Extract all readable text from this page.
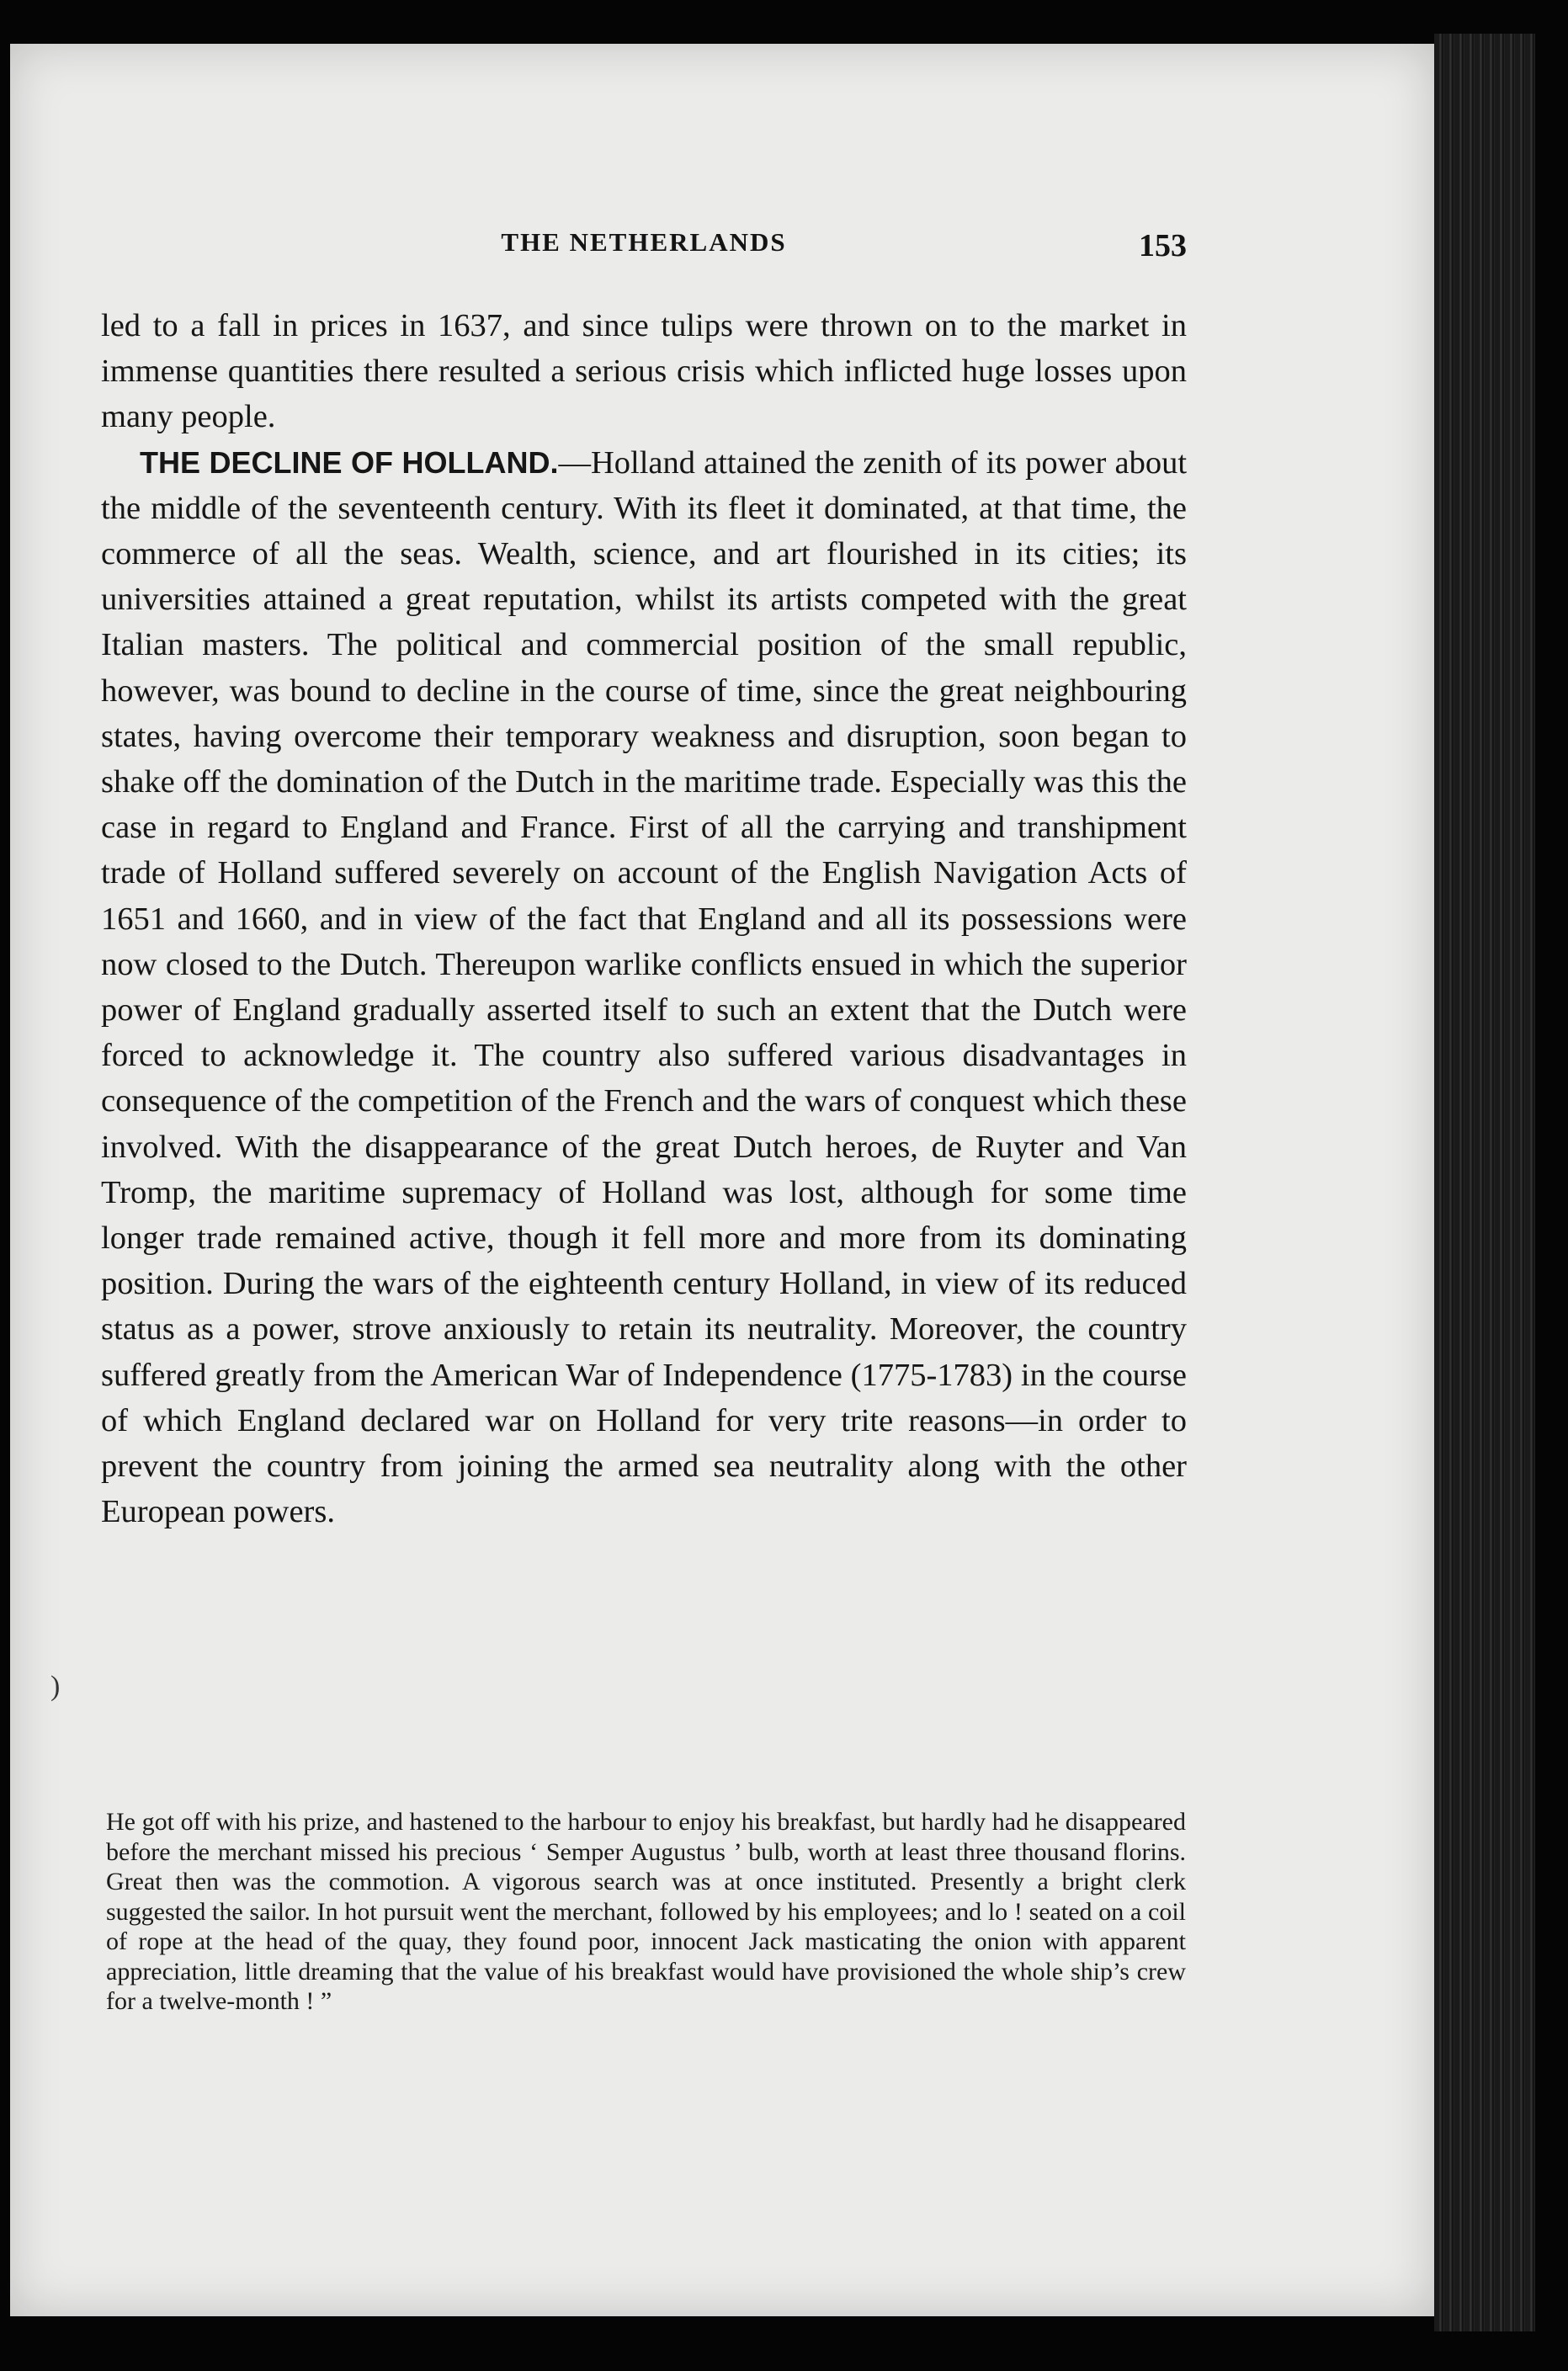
THE NETHERLANDS	153

led to a fall in prices in 1637, and since tulips were thrown on to the market in immense quantities there resulted a serious crisis which inflicted huge losses upon many people.

THE DECLINE OF HOLLAND.—Holland attained the zenith of its power about the middle of the seventeenth century. With its fleet it dominated, at that time, the commerce of all the seas. Wealth, science, and art flourished in its cities; its universities attained a great reputation, whilst its artists competed with the great Italian masters. The political and commercial position of the small republic, however, was bound to decline in the course of time, since the great neighbouring states, having overcome their temporary weakness and disruption, soon began to shake off the domination of the Dutch in the maritime trade. Especially was this the case in regard to England and France. First of all the carrying and transhipment trade of Holland suffered severely on account of the English Navigation Acts of 1651 and 1660, and in view of the fact that England and all its possessions were now closed to the Dutch. Thereupon warlike conflicts ensued in which the superior power of England gradually asserted itself to such an extent that the Dutch were forced to acknowledge it. The country also suffered various disadvantages in consequence of the competition of the French and the wars of conquest which these involved. With the disappearance of the great Dutch heroes, de Ruyter and Van Tromp, the maritime supremacy of Holland was lost, although for some time longer trade remained active, though it fell more and more from its dominating position. During the wars of the eighteenth century Holland, in view of its reduced status as a power, strove anxiously to retain its neutrality. Moreover, the country suffered greatly from the American War of Independence (1775-1783) in the course of which England declared war on Holland for very trite reasons—in order to prevent the country from joining the armed sea neutrality along with the other European powers.

)

He got off with his prize, and hastened to the harbour to enjoy his breakfast, but hardly had he disappeared before the merchant missed his precious ‘ Semper Augustus ’ bulb, worth at least three thousand florins. Great then was the commotion. A vigorous search was at once instituted. Presently a bright clerk suggested the sailor. In hot pursuit went the merchant, followed by his employees; and lo ! seated on a coil of rope at the head of the quay, they found poor, innocent Jack masticating the onion with apparent appreciation, little dreaming that the value of his breakfast would have provisioned the whole ship’s crew for a twelve-month ! ”
